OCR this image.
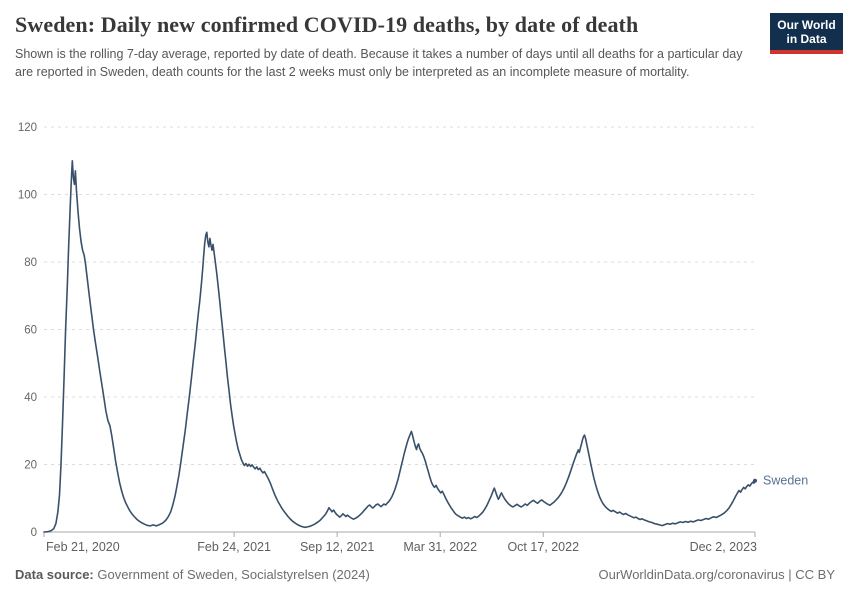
Sweden: Daily new confirmed COVID-19 deaths, by date of death
Shown is the rolling 7-day average, reported by date of death. Because it takes a number of days until all deaths for a particular day are reported in Sweden, death counts for the last 2 weeks must only be interpreted as an incomplete measure of mortality.
Our World
in Data
0
20
40
60
80
100
120
Feb 21, 2020	Feb 24, 2021 Sep 12, 2021 Mar 31, 2022 Oct 17, 2022	Dec 2, 2023
Sweden
Data source: Government of Sweden, Socialstyrelsen (2024)	OurWorldinData.org/coronavirus | CC BY
